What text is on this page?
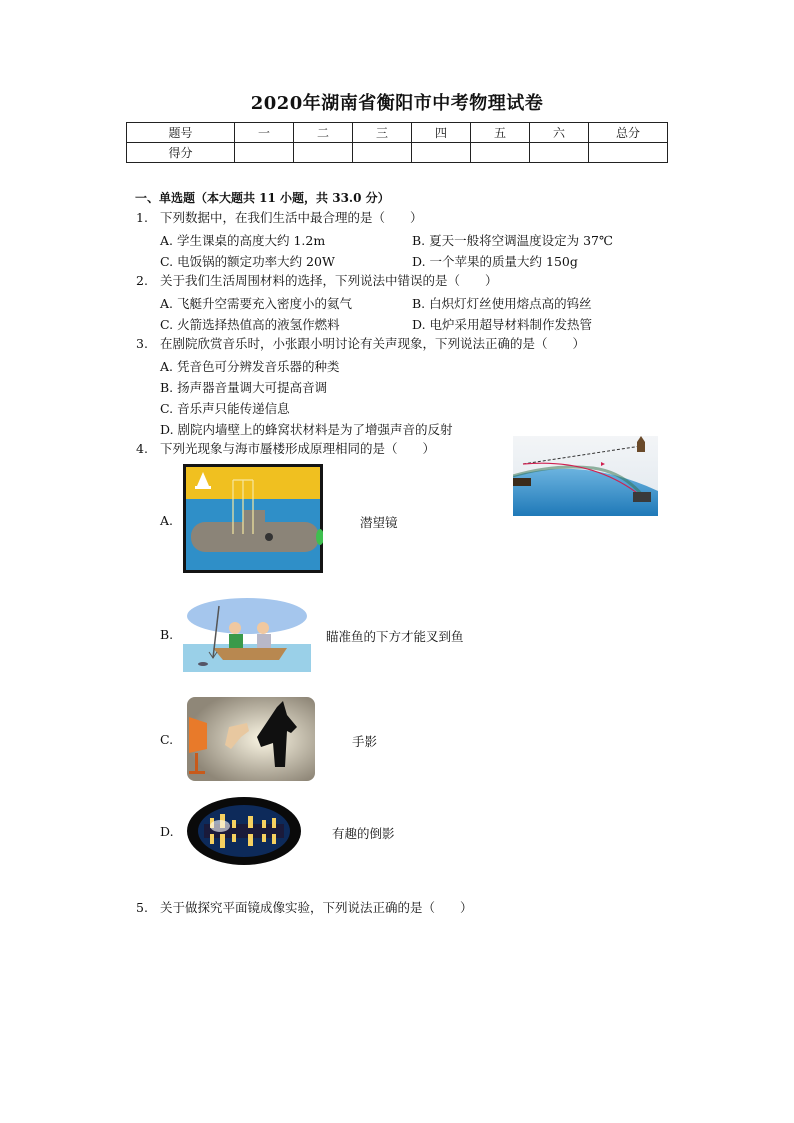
2020年湖南省衡阳市中考物理试卷
题号	一	二	三	四	五	六	总分
得分							
一、单选题（本大题共 11 小题，共 33.0 分）
1. 下列数据中，在我们生活中最合理的是（　　）
A. 学生课桌的高度大约 1.2m	B. 夏天一般将空调温度设定为 37℃
C. 电饭锅的额定功率大约 20W	D. 一个苹果的质量大约 150g
2. 关于我们生活周围材料的选择，下列说法中错误的是（　　）
A. 飞艇升空需要充入密度小的氦气	B. 白炽灯灯丝使用熔点高的钨丝
C. 火箭选择热值高的液氢作燃料	D. 电炉采用超导材料制作发热管
3. 在剧院欣赏音乐时，小张跟小明讨论有关声现象，下列说法正确的是（　　）
A. 凭音色可分辨发音乐器的种类
B. 扬声器音量调大可提高音调
C. 音乐声只能传递信息
D. 剧院内墙壁上的蜂窝状材料是为了增强声音的反射
4. 下列光现象与海市蜃楼形成原理相同的是（　　）
A.	潜望镜
B.	瞄准鱼的下方才能叉到鱼
C.	手影
D.	有趣的倒影
5. 关于做探究平面镜成像实验，下列说法正确的是（　　）
